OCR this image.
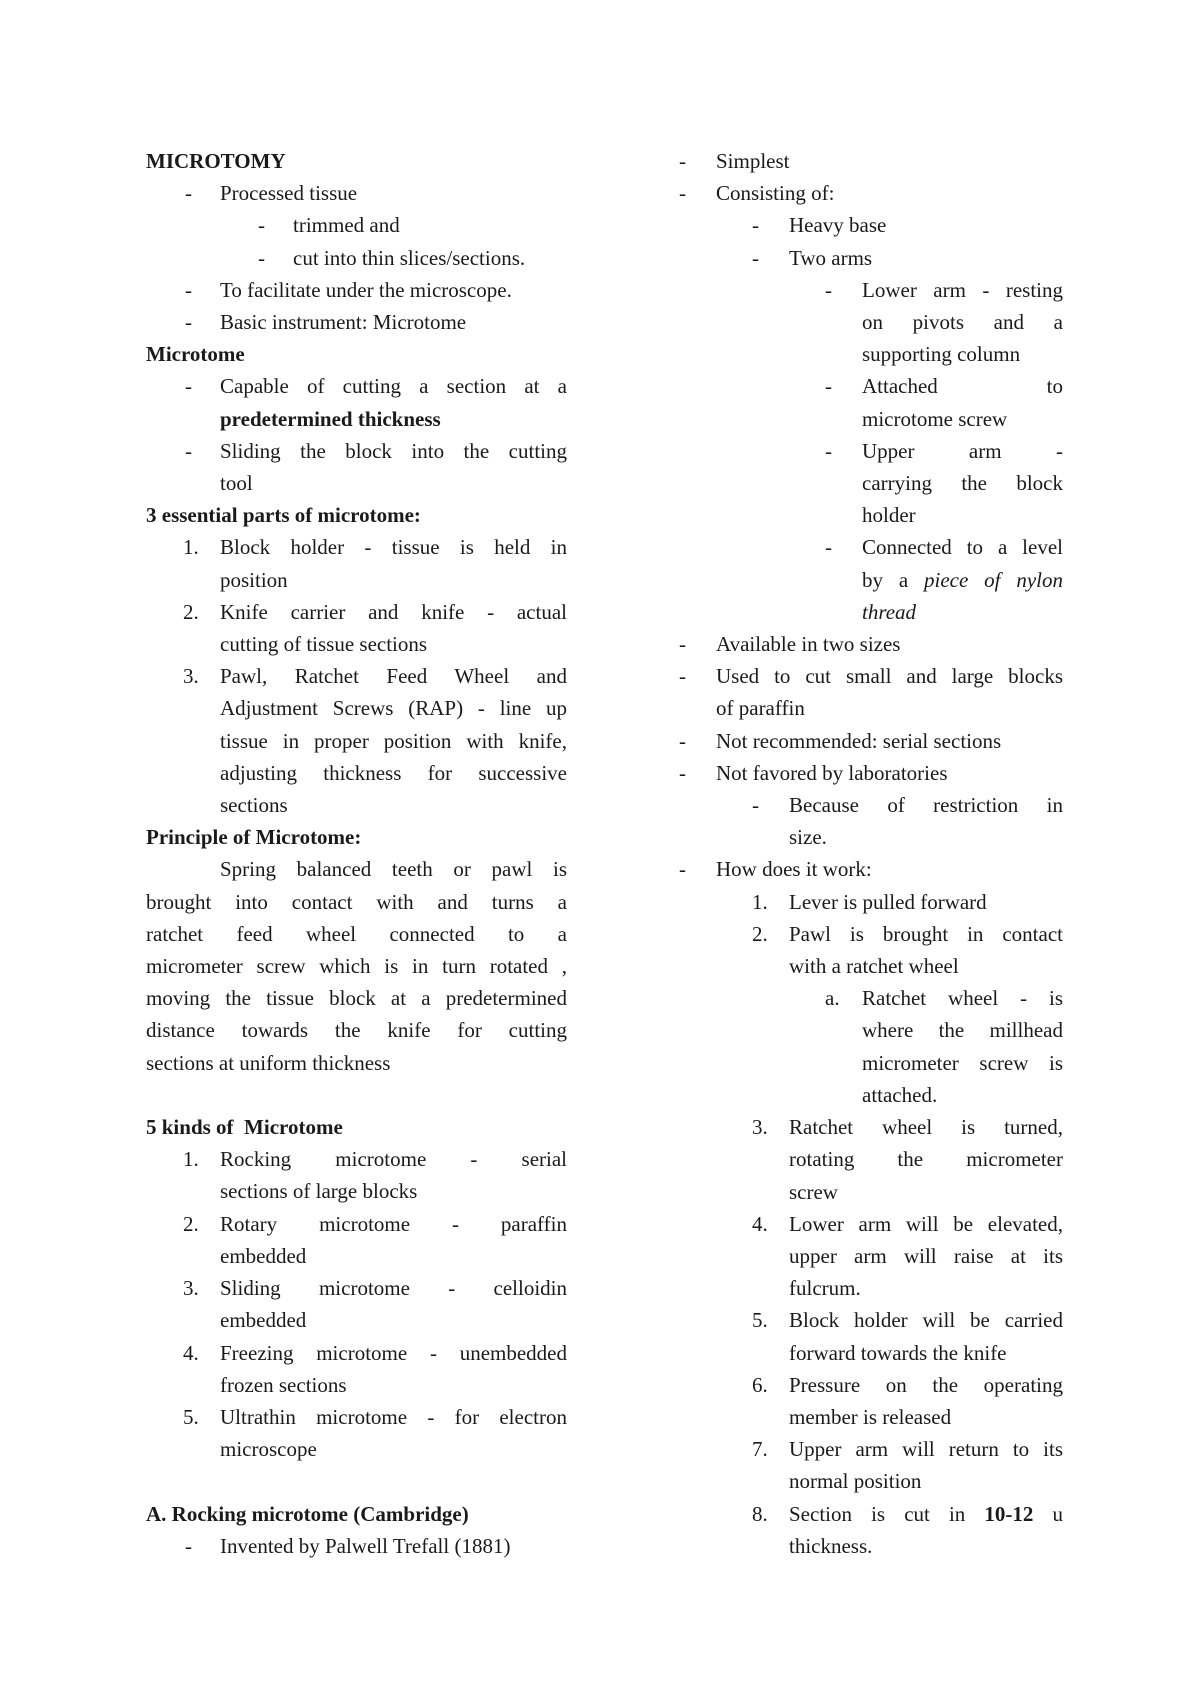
MICROTOMY
- Processed tissue
- trimmed and
- cut into thin slices/sections.
- To facilitate under the microscope.
- Basic instrument: Microtome
Microtome
- Capable of cutting a section at a
predetermined thickness
- Sliding the block into the cutting
tool
3 essential parts of microtome:
1. Block holder - tissue is held in
position
2. Knife carrier and knife - actual
cutting of tissue sections
3. Pawl, Ratchet Feed Wheel and
Adjustment Screws (RAP) - line up
tissue in proper position with knife,
adjusting thickness for successive
sections
Principle of Microtome:
Spring balanced teeth or pawl is
brought into contact with and turns a
ratchet feed wheel connected to a
micrometer screw which is in turn rotated ,
moving the tissue block at a predetermined
distance towards the knife for cutting
sections at uniform thickness
5 kinds of  Microtome
1. Rocking microtome - serial
sections of large blocks
2. Rotary microtome - paraffin
embedded
3. Sliding microtome - celloidin
embedded
4. Freezing microtome - unembedded
frozen sections
5. Ultrathin microtome - for electron
microscope
A. Rocking microtome (Cambridge)
- Invented by Palwell Trefall (1881)
- Simplest
- Consisting of:
- Heavy base
- Two arms
- Lower arm - resting
on pivots and a
supporting column
- Attached to
microtome screw
- Upper arm -
carrying the block
holder
- Connected to a level
by a piece of nylon
thread
- Available in two sizes
- Used to cut small and large blocks
of paraffin
- Not recommended: serial sections
- Not favored by laboratories
- Because of restriction in
size.
- How does it work:
1. Lever is pulled forward
2. Pawl is brought in contact
with a ratchet wheel
a. Ratchet wheel - is
where the millhead
micrometer screw is
attached.
3. Ratchet wheel is turned,
rotating the micrometer
screw
4. Lower arm will be elevated,
upper arm will raise at its
fulcrum.
5. Block holder will be carried
forward towards the knife
6. Pressure on the operating
member is released
7. Upper arm will return to its
normal position
8. Section is cut in 10-12 u
thickness.
